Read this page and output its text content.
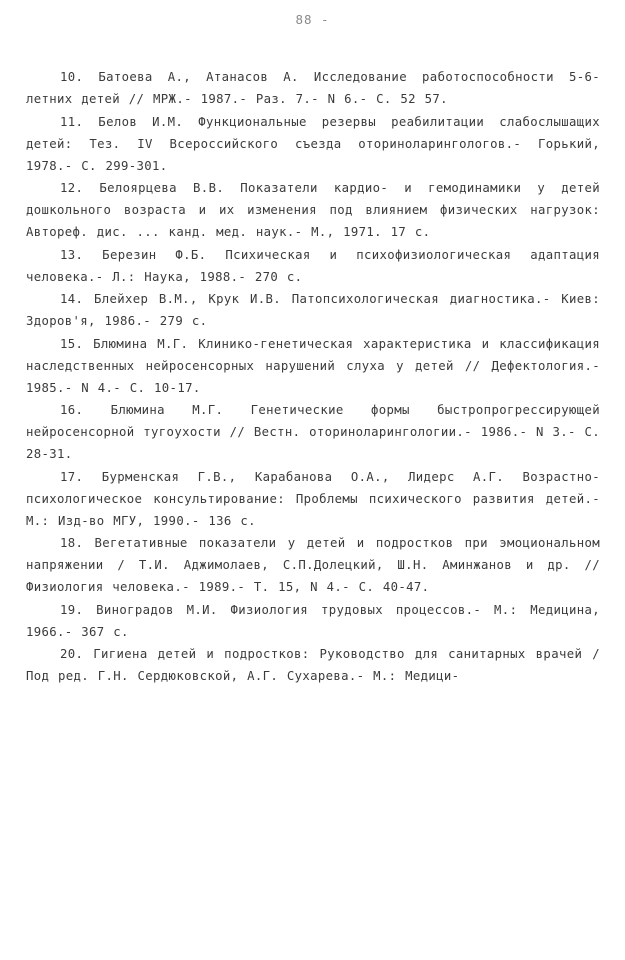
88 -

10. Батоева А., Атанасов А. Исследование работоспособности 5-6-летних детей // МРЖ.- 1987.- Раз. 7.- N 6.- С. 52 57.

11. Белов И.М. Функциональные резервы реабилитации слабослышащих детей: Тез. IV Всероссийского съезда оториноларингологов.- Горький, 1978.- С. 299-301.

12. Белоярцева В.В. Показатели кардио- и гемодинамики у детей дошкольного возраста и их изменения под влиянием физических нагрузок: Автореф. дис. ... канд. мед. наук.- М., 1971. 17 с.

13. Березин Ф.Б. Психическая и психофизиологическая адаптация человека.- Л.: Наука, 1988.- 270 с.

14. Блейхер В.М., Крук И.В. Патопсихологическая диагностика.- Киев: Здоров'я, 1986.- 279 с.

15. Блюмина М.Г. Клинико-генетическая характеристика и классификация наследственных нейросенсорных нарушений слуха у детей // Дефектология.- 1985.- N 4.- С. 10-17.

16. Блюмина М.Г. Генетические формы быстропрогрессирующей нейросенсорной тугоухости // Вестн. оториноларингологии.- 1986.- N 3.- С. 28-31.

17. Бурменская Г.В., Карабанова О.А., Лидерс А.Г. Возрастно-психологическое консультирование: Проблемы психического развития детей.- М.: Изд-во МГУ, 1990.- 136 с.

18. Вегетативные показатели у детей и подростков при эмоциональном напряжении / Т.И. Аджимолаев, С.П.Долецкий, Ш.Н. Аминжанов и др. // Физиология человека.- 1989.- Т. 15, N 4.- С. 40-47.

19. Виноградов М.И. Физиология трудовых процессов.- М.: Медицина, 1966.- 367 с.

20. Гигиена детей и подростков: Руководство для санитарных врачей / Под ред. Г.Н. Сердюковской, А.Г. Сухарева.- М.: Медици-
